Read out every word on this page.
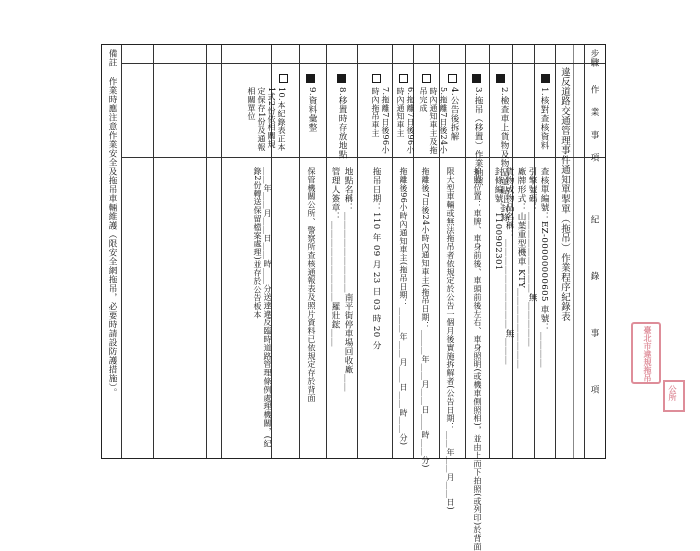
步驟
作業事項
紀錄事項
違反道路交通管理事件通知單掣單（拖吊）作業程序紀錄表
1.核對查核資料
查核單編號：EZ-00000000605 車號：＿＿＿＿
引擎號碼：＿＿＿＿＿＿＿＿＿無＿＿＿＿＿
廠牌形式：山葉重型機車 KTY＿＿＿＿＿＿＿＿＿
2.檢查車上貨物及物品並貼上封條
貨物或物品名稱：＿＿＿＿＿＿＿＿＿＿無＿＿＿
封條編號：1100902301
3.拖吊（移置）作業拍照
拍照位置：車牌、車身前後、車頭前後左右、車身照明(或機車側照相)，並由上而下拍照(或列印)於背面
4.公告後拆解
限大型車輛或無法拖吊者依規定於公告一個月後實施拆解者(公告日期：＿＿年＿＿月＿＿日)
5.拖離7日後24小時內通知車主及拖吊完成
拖離後7日後24小時內通知車主(拖吊日期：＿＿＿年＿＿月＿＿日＿＿時＿＿分)
6.拖離7日後96小時內通知車主
拖離後96小時內通知車主(拖吊日期：＿＿＿年＿＿月＿＿日＿＿時＿＿分)
7.拖離7日後96小時內拖吊車主
拖吊日期：110 年 09 月 23 日 03 時 20 分
8.移置時存放地點
地點名稱：＿＿＿＿＿＿＿＿＿南平街停車場回收廠＿＿
管理人簽章：＿＿＿＿＿＿＿＿＿羅壯鋐＿＿
9.資料彙整
保管機關公所、警察所查核通報表及照片資料已依規定存於背面
10.本紀錄表正本1式2份依相關規定保存1份及通報相關單位
＿＿年＿＿月＿＿日＿＿時＿＿分送達違反臨時道路管理條例處理機關，(紀錄2份轉送保留檔案處理)並存於公告板本
備註
作業時應注意作業安全及拖吊車輛維護（限安全網拖吊，必要時請設防護措施）。	臺北市違規拖吊
公所
